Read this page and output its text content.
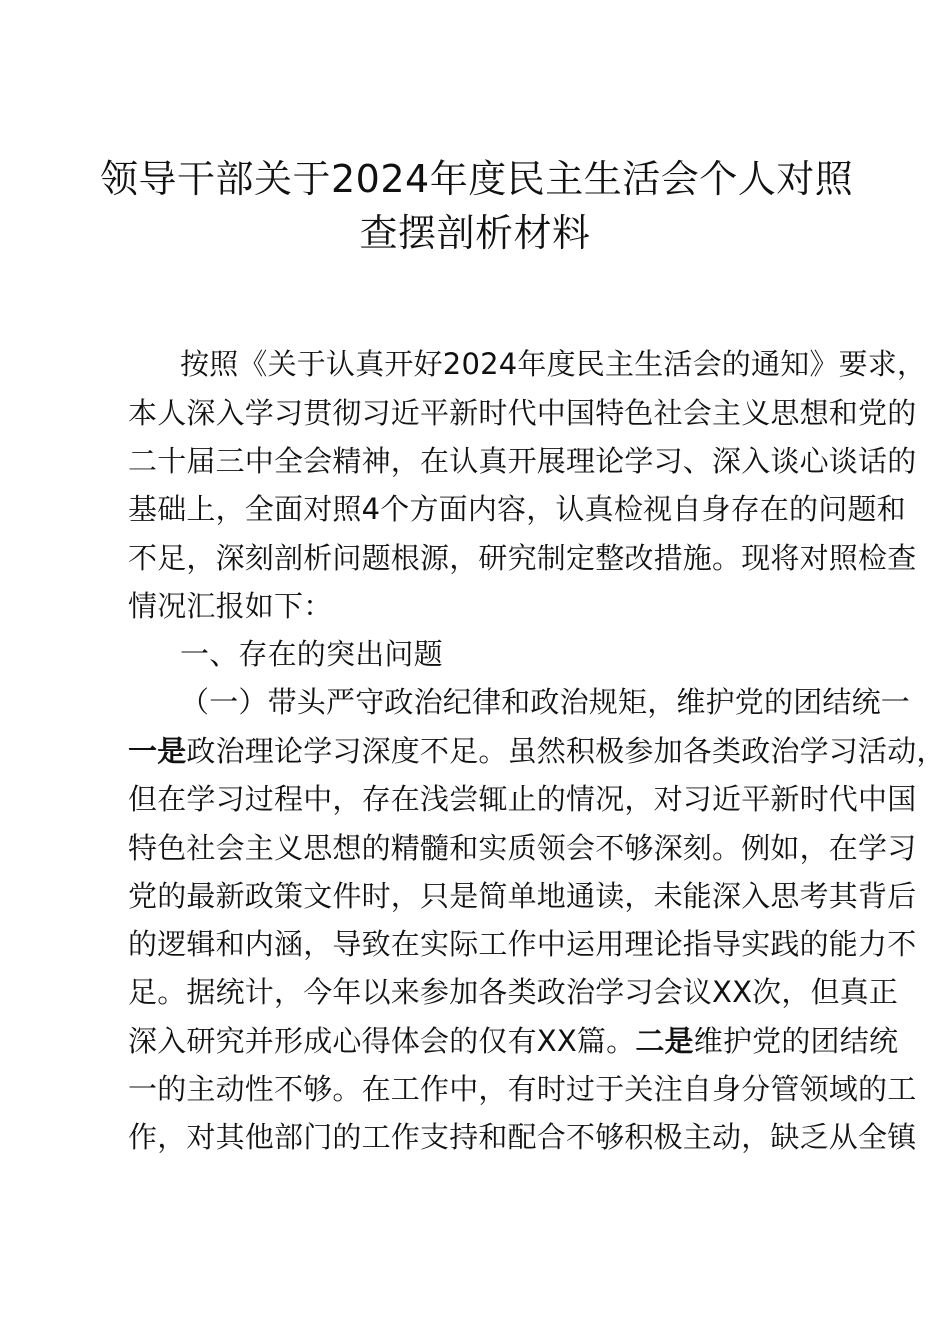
领导干部关于2024年度民主生活会个人对照
查摆剖析材料
按照《关于认真开好2024年度民主生活会的通知》要求，
本人深入学习贯彻习近平新时代中国特色社会主义思想和党的
二十届三中全会精神，在认真开展理论学习、深入谈心谈话的
基础上，全面对照4个方面内容，认真检视自身存在的问题和
不足，深刻剖析问题根源，研究制定整改措施。现将对照检查
情况汇报如下：
一、存在的突出问题
（一）带头严守政治纪律和政治规矩，维护党的团结统一
一是政治理论学习深度不足。虽然积极参加各类政治学习活动，
但在学习过程中，存在浅尝辄止的情况，对习近平新时代中国
特色社会主义思想的精髓和实质领会不够深刻。例如，在学习
党的最新政策文件时，只是简单地通读，未能深入思考其背后
的逻辑和内涵，导致在实际工作中运用理论指导实践的能力不
足。据统计，今年以来参加各类政治学习会议XX次，但真正
深入研究并形成心得体会的仅有XX篇。二是维护党的团结统
一的主动性不够。在工作中，有时过于关注自身分管领域的工
作，对其他部门的工作支持和配合不够积极主动，缺乏从全镇
